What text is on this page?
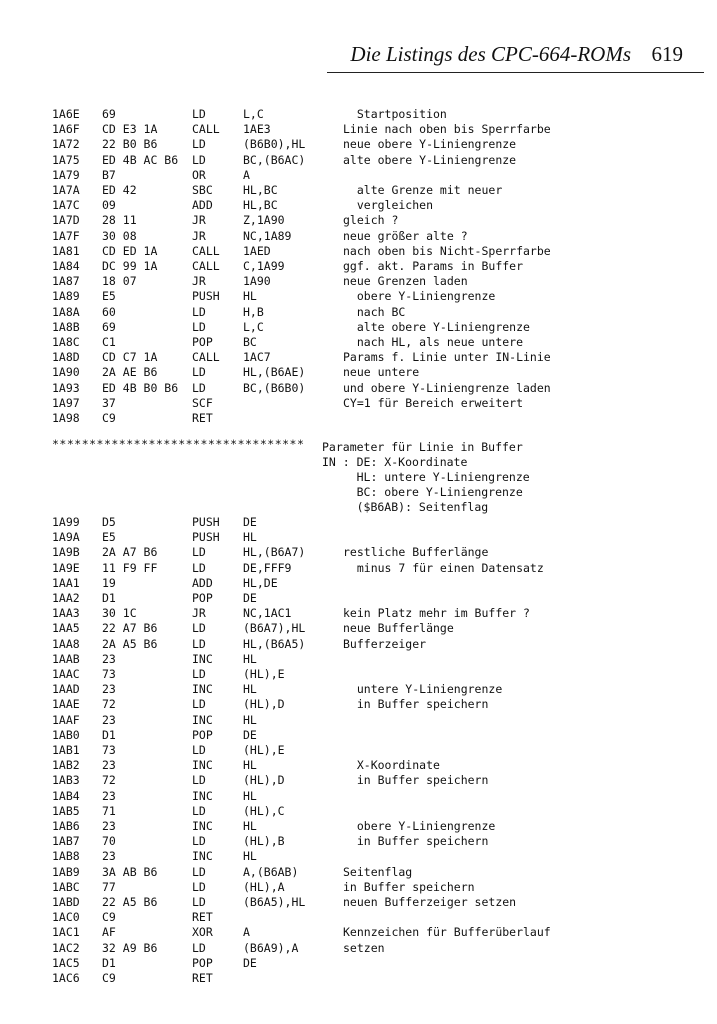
Die Listings des CPC-664-ROMs 619
1A6E 69	LD	L,C	Startposition
1A6F CD E3 1A	CALL 1AE3	Linie nach oben bis Sperrfarbe
1A72 22 B0 B6	LD	(B6B0),HL	neue obere Y-Liniengrenze
1A75 ED 4B AC B6 LD	BC,(B6AC)	alte obere Y-Liniengrenze
1A79 B7	OR	A
1A7A ED 42	SBC	HL,BC	alte Grenze mit neuer
1A7C 09	ADD	HL,BC	vergleichen
1A7D 28 11	JR	Z,1A90	gleich ?
1A7F 30 08	JR	NC,1A89	neue größer alte ?
1A81 CD ED 1A	CALL 1AED	nach oben bis Nicht-Sperrfarbe
1A84 DC 99 1A	CALL C,1A99	ggf. akt. Params in Buffer
1A87 18 07	JR	1A90	neue Grenzen laden
1A89 E5	PUSH HL	obere Y-Liniengrenze
1A8A 60	LD	H,B	nach BC
1A8B 69	LD	L,C	alte obere Y-Liniengrenze
1A8C C1	POP	BC	nach HL, als neue untere
1A8D CD C7 1A	CALL 1AC7	Params f. Linie unter IN-Linie
1A90 2A AE B6	LD	HL,(B6AE)	neue untere
1A93 ED 4B B0 B6 LD	BC,(B6B0)	und obere Y-Liniengrenze laden
1A97 37	SCF	CY=1 für Bereich erweitert
1A98 C9	RET
********************************** Parameter für Linie in Buffer
IN : DE: X-Koordinate
HL: untere Y-Liniengrenze
BC: obere Y-Liniengrenze
($B6AB): Seitenflag
1A99 D5	PUSH DE
1A9A E5	PUSH HL
1A9B 2A A7 B6	LD	HL,(B6A7)	restliche Bufferlänge
1A9E 11 F9 FF	LD	DE,FFF9	minus 7 für einen Datensatz
1AA1 19	ADD	HL,DE
1AA2 D1	POP	DE
1AA3 30 1C	JR	NC,1AC1	kein Platz mehr im Buffer ?
1AA5 22 A7 B6	LD	(B6A7),HL	neue Bufferlänge
1AA8 2A A5 B6	LD	HL,(B6A5)	Bufferzeiger
1AAB 23	INC	HL
1AAC 73	LD	(HL),E
1AAD 23	INC	HL	untere Y-Liniengrenze
1AAE 72	LD	(HL),D	in Buffer speichern
1AAF 23	INC	HL
1AB0 D1	POP	DE
1AB1 73	LD	(HL),E
1AB2 23	INC	HL	X-Koordinate
1AB3 72	LD	(HL),D	in Buffer speichern
1AB4 23	INC	HL
1AB5 71	LD	(HL),C
1AB6 23	INC	HL	obere Y-Liniengrenze
1AB7 70	LD	(HL),B	in Buffer speichern
1AB8 23	INC	HL
1AB9 3A AB B6	LD	A,(B6AB)	Seitenflag
1ABC 77	LD	(HL),A	in Buffer speichern
1ABD 22 A5 B6	LD	(B6A5),HL	neuen Bufferzeiger setzen
1AC0 C9	RET
1AC1 AF	XOR	A	Kennzeichen für Bufferüberlauf
1AC2 32 A9 B6	LD	(B6A9),A	setzen
1AC5 D1	POP	DE
1AC6 C9	RET
